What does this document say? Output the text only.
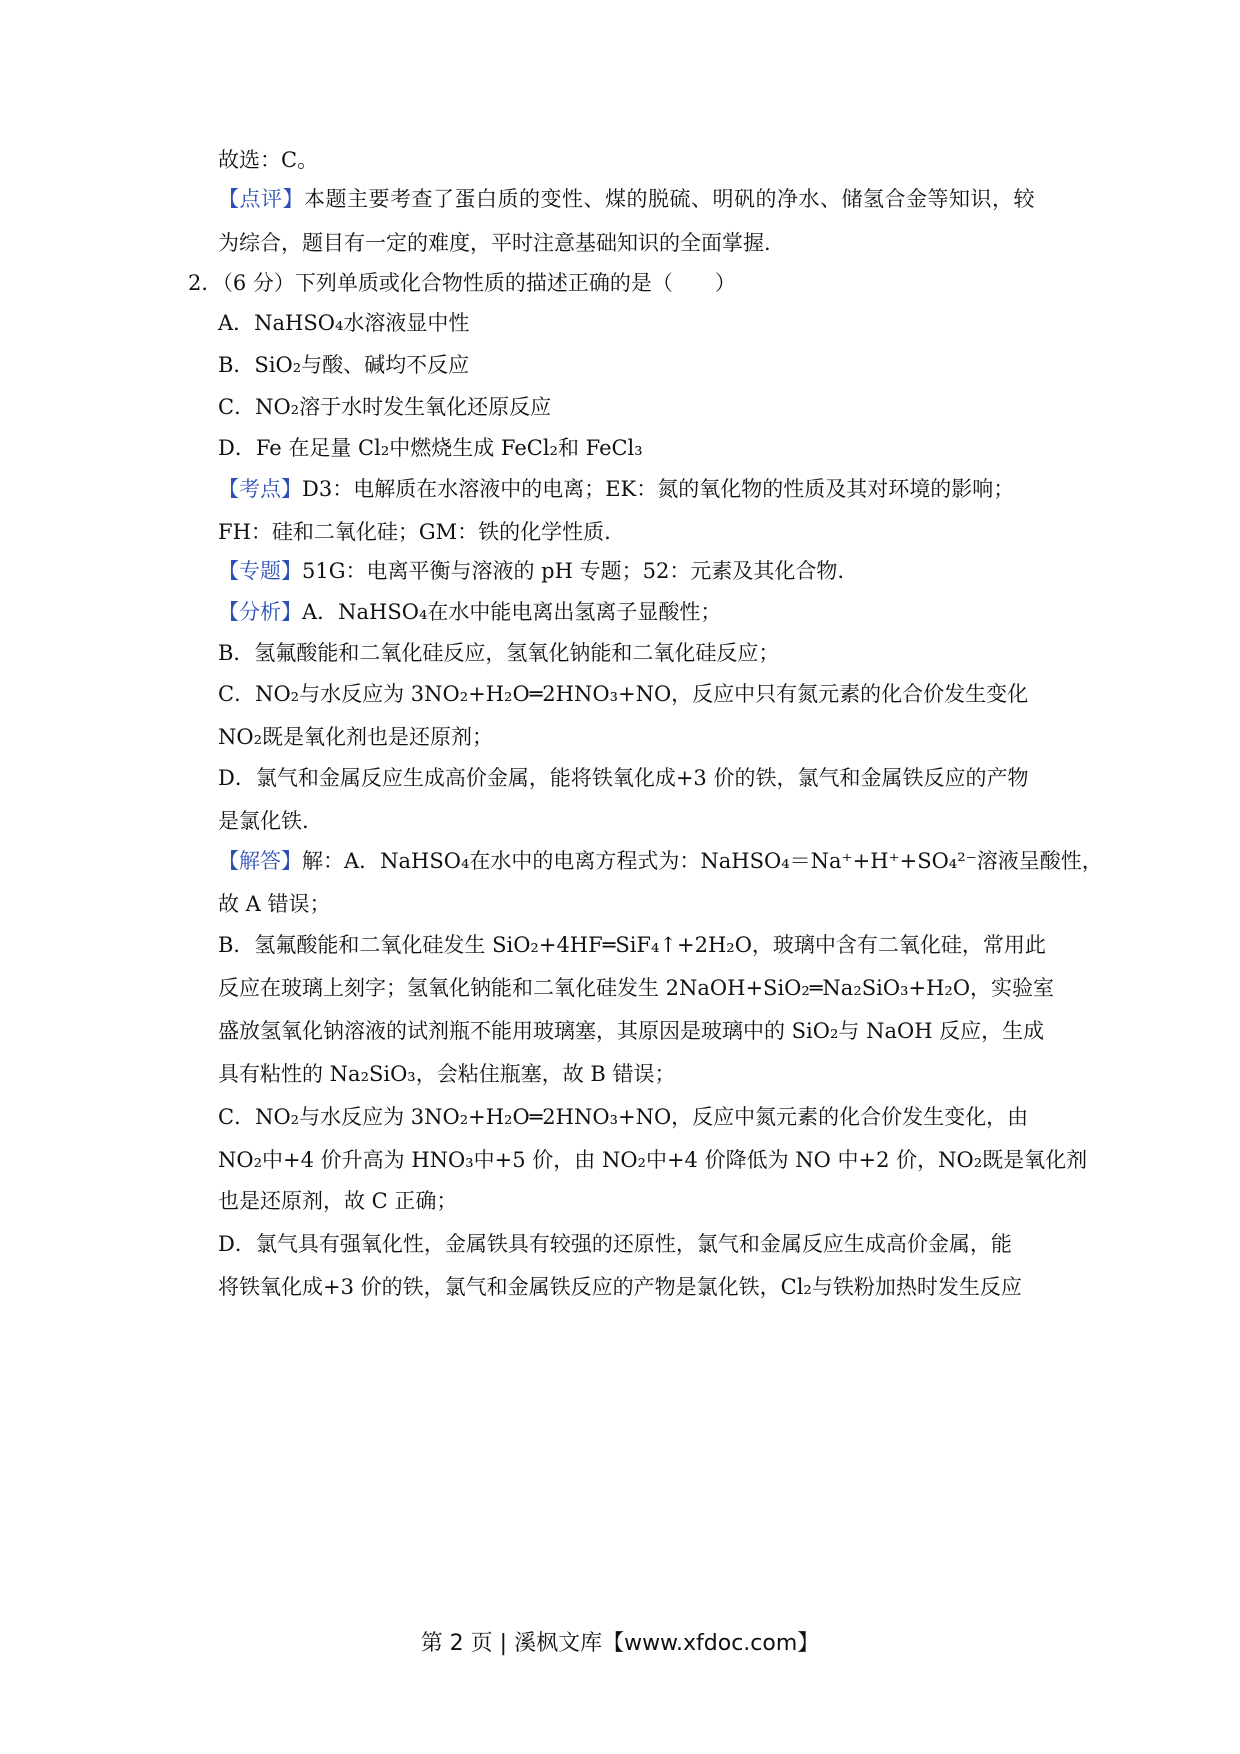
故选：C。
【点评】本题主要考查了蛋白质的变性、煤的脱硫、明矾的净水、储氢合金等知识，较
为综合，题目有一定的难度，平时注意基础知识的全面掌握.
2．（6 分）下列单质或化合物性质的描述正确的是（　　）
A．NaHSO₄水溶液显中性
B．SiO₂与酸、碱均不反应
C．NO₂溶于水时发生氧化还原反应
D．Fe 在足量 Cl₂中燃烧生成 FeCl₂和 FeCl₃
【考点】D3：电解质在水溶液中的电离；EK：氮的氧化物的性质及其对环境的影响；
FH：硅和二氧化硅；GM：铁的化学性质.
【专题】51G：电离平衡与溶液的 pH 专题；52：元素及其化合物.
【分析】A．NaHSO₄在水中能电离出氢离子显酸性；
B．氢氟酸能和二氧化硅反应，氢氧化钠能和二氧化硅反应；
C．NO₂与水反应为 3NO₂+H₂O═2HNO₃+NO，反应中只有氮元素的化合价发生变化
NO₂既是氧化剂也是还原剂；
D．氯气和金属反应生成高价金属，能将铁氧化成+3 价的铁，氯气和金属铁反应的产物
是氯化铁.
【解答】解：A．NaHSO₄在水中的电离方程式为：NaHSO₄＝Na⁺+H⁺+SO₄²⁻溶液呈酸性，
故 A 错误；
B．氢氟酸能和二氧化硅发生 SiO₂+4HF═SiF₄↑+2H₂O，玻璃中含有二氧化硅，常用此
反应在玻璃上刻字；氢氧化钠能和二氧化硅发生 2NaOH+SiO₂═Na₂SiO₃+H₂O，实验室
盛放氢氧化钠溶液的试剂瓶不能用玻璃塞，其原因是玻璃中的 SiO₂与 NaOH 反应，生成
具有粘性的 Na₂SiO₃，会粘住瓶塞，故 B 错误；
C．NO₂与水反应为 3NO₂+H₂O═2HNO₃+NO，反应中氮元素的化合价发生变化，由
NO₂中+4 价升高为 HNO₃中+5 价，由 NO₂中+4 价降低为 NO 中+2 价，NO₂既是氧化剂
也是还原剂，故 C 正确；
D．氯气具有强氧化性，金属铁具有较强的还原性，氯气和金属反应生成高价金属，能
将铁氧化成+3 价的铁，氯气和金属铁反应的产物是氯化铁，Cl₂与铁粉加热时发生反应
第 2 页 | 溪枫文库【www.xfdoc.com】
